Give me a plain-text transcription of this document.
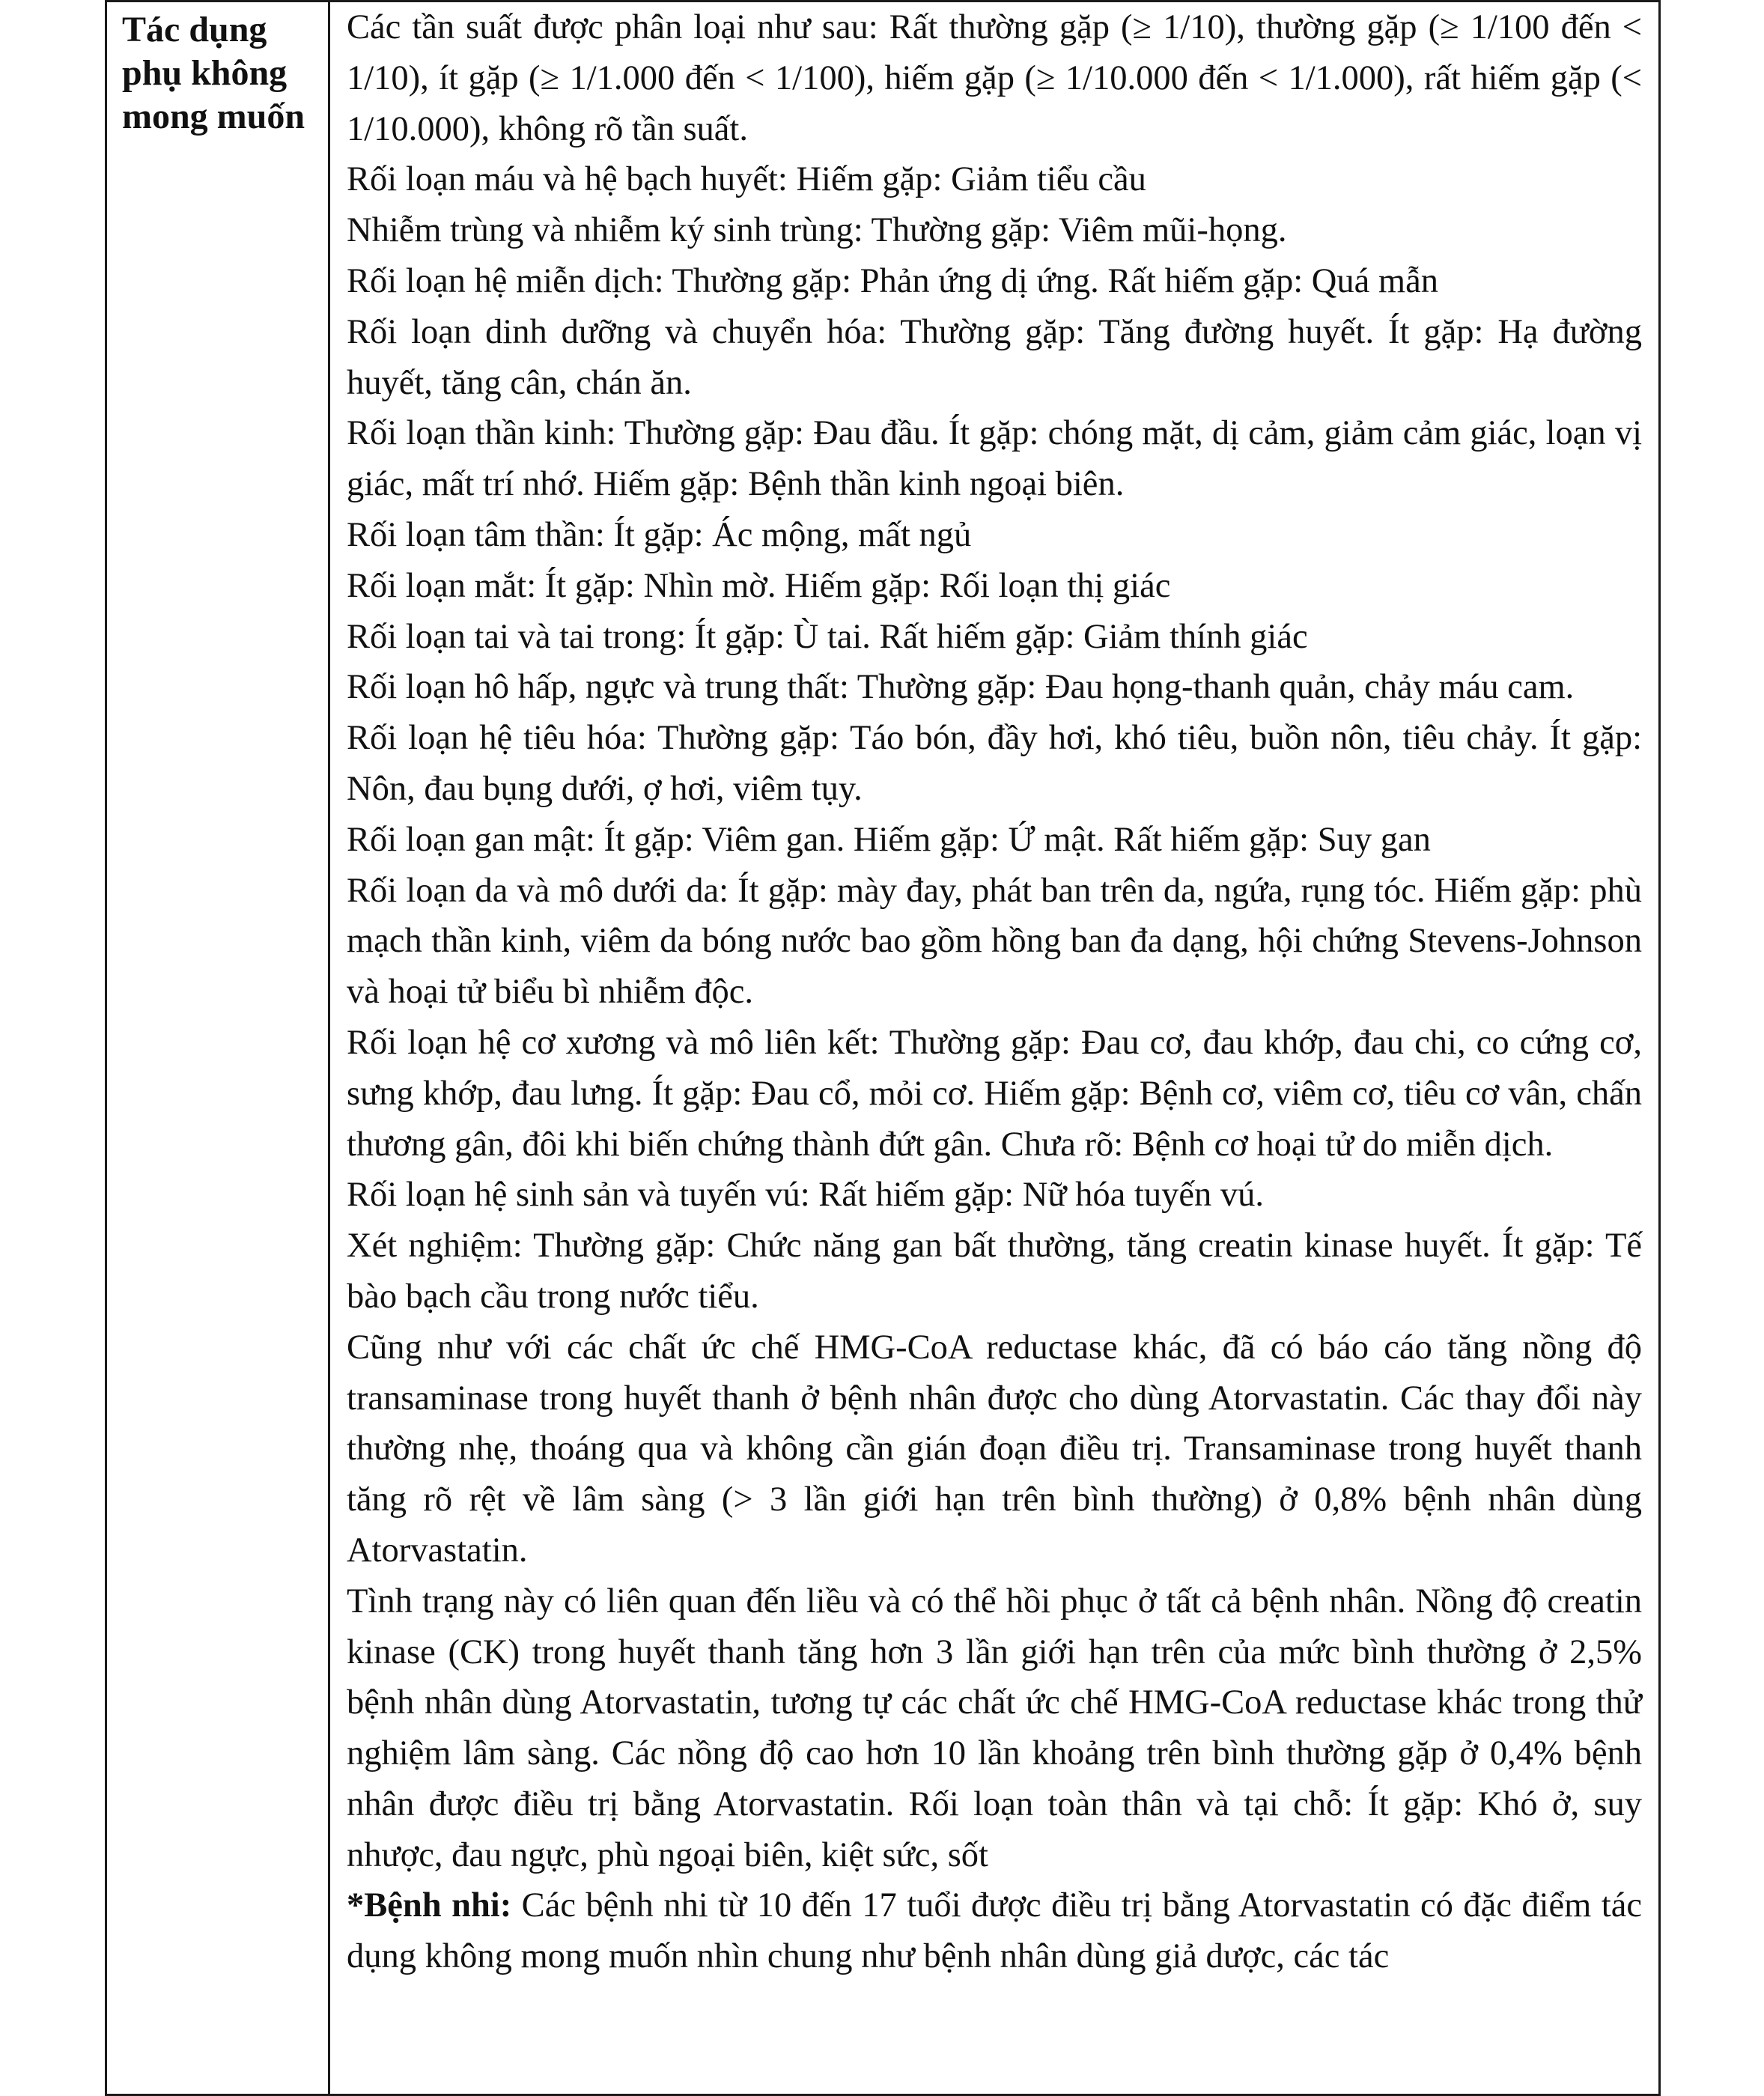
Tác dụng phụ không mong muốn

Các tần suất được phân loại như sau: Rất thường gặp (≥ 1/10), thường gặp (≥ 1/100 đến < 1/10), ít gặp (≥ 1/1.000 đến < 1/100), hiếm gặp (≥ 1/10.000 đến < 1/1.000), rất hiếm gặp (< 1/10.000), không rõ tần suất.

Rối loạn máu và hệ bạch huyết: Hiếm gặp: Giảm tiểu cầu

Nhiễm trùng và nhiễm ký sinh trùng: Thường gặp: Viêm mũi-họng.

Rối loạn hệ miễn dịch: Thường gặp: Phản ứng dị ứng. Rất hiếm gặp: Quá mẫn

Rối loạn dinh dưỡng và chuyển hóa: Thường gặp: Tăng đường huyết. Ít gặp: Hạ đường huyết, tăng cân, chán ăn.

Rối loạn thần kinh: Thường gặp: Đau đầu. Ít gặp: chóng mặt, dị cảm, giảm cảm giác, loạn vị giác, mất trí nhớ. Hiếm gặp: Bệnh thần kinh ngoại biên.

Rối loạn tâm thần: Ít gặp: Ác mộng, mất ngủ

Rối loạn mắt: Ít gặp: Nhìn mờ. Hiếm gặp: Rối loạn thị giác

Rối loạn tai và tai trong: Ít gặp: Ù tai. Rất hiếm gặp: Giảm thính giác

Rối loạn hô hấp, ngực và trung thất: Thường gặp: Đau họng-thanh quản, chảy máu cam.

Rối loạn hệ tiêu hóa: Thường gặp: Táo bón, đầy hơi, khó tiêu, buồn nôn, tiêu chảy. Ít gặp: Nôn, đau bụng dưới, ợ hơi, viêm tụy.

Rối loạn gan mật: Ít gặp: Viêm gan. Hiếm gặp: Ứ mật. Rất hiếm gặp: Suy gan

Rối loạn da và mô dưới da: Ít gặp: mày đay, phát ban trên da, ngứa, rụng tóc. Hiếm gặp: phù mạch thần kinh, viêm da bóng nước bao gồm hồng ban đa dạng, hội chứng Stevens-Johnson và hoại tử biểu bì nhiễm độc.

Rối loạn hệ cơ xương và mô liên kết: Thường gặp: Đau cơ, đau khớp, đau chi, co cứng cơ, sưng khớp, đau lưng. Ít gặp: Đau cổ, mỏi cơ. Hiếm gặp: Bệnh cơ, viêm cơ, tiêu cơ vân, chấn thương gân, đôi khi biến chứng thành đứt gân. Chưa rõ: Bệnh cơ hoại tử do miễn dịch.

Rối loạn hệ sinh sản và tuyến vú: Rất hiếm gặp: Nữ hóa tuyến vú.

Xét nghiệm: Thường gặp: Chức năng gan bất thường, tăng creatin kinase huyết. Ít gặp: Tế bào bạch cầu trong nước tiểu.

Cũng như với các chất ức chế HMG-CoA reductase khác, đã có báo cáo tăng nồng độ transaminase trong huyết thanh ở bệnh nhân được cho dùng Atorvastatin. Các thay đổi này thường nhẹ, thoáng qua và không cần gián đoạn điều trị. Transaminase trong huyết thanh tăng rõ rệt về lâm sàng (> 3 lần giới hạn trên bình thường) ở 0,8% bệnh nhân dùng Atorvastatin.

Tình trạng này có liên quan đến liều và có thể hồi phục ở tất cả bệnh nhân. Nồng độ creatin kinase (CK) trong huyết thanh tăng hơn 3 lần giới hạn trên của mức bình thường ở 2,5% bệnh nhân dùng Atorvastatin, tương tự các chất ức chế HMG-CoA reductase khác trong thử nghiệm lâm sàng. Các nồng độ cao hơn 10 lần khoảng trên bình thường gặp ở 0,4% bệnh nhân được điều trị bằng Atorvastatin. Rối loạn toàn thân và tại chỗ: Ít gặp: Khó ở, suy nhược, đau ngực, phù ngoại biên, kiệt sức, sốt

*Bệnh nhi: Các bệnh nhi từ 10 đến 17 tuổi được điều trị bằng Atorvastatin có đặc điểm tác dụng không mong muốn nhìn chung như bệnh nhân dùng giả dược, các tác
